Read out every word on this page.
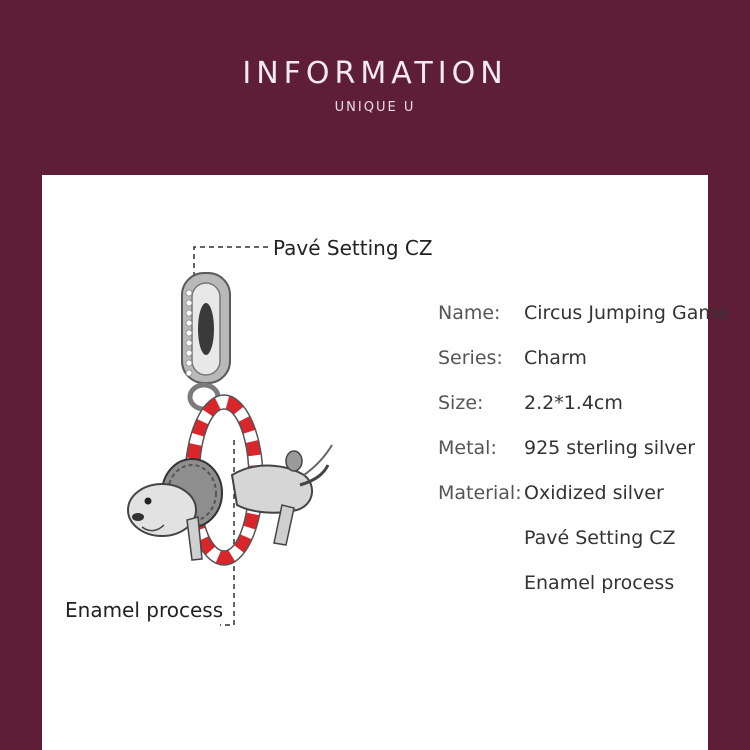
INFORMATION
UNIQUE U
Pavé Setting CZ
Enamel process
Name: Circus Jumping Game
Series: Charm
Size: 2.2*1.4cm
Metal: 925 sterling silver
Material: Oxidized silver
Pavé Setting CZ
Enamel process
